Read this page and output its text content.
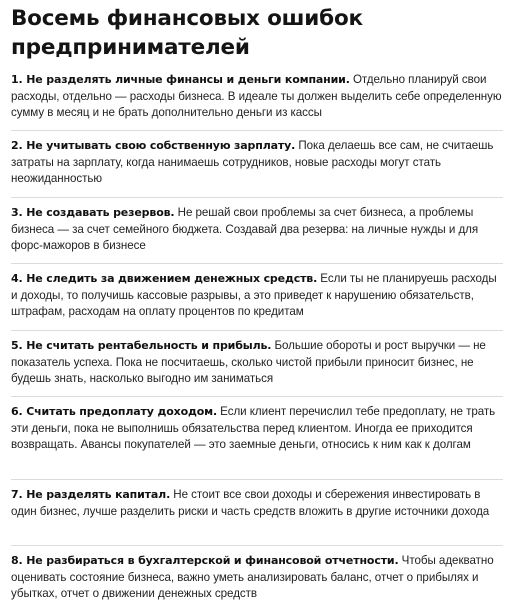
Восемь финансовых ошибок предпринимателей
1. Не разделять личные финансы и деньги компании. Отдельно планируй свои расходы, отдельно — расходы бизнеса. В идеале ты должен выделить себе определенную сумму в месяц и не брать дополнительно деньги из кассы
2. Не учитывать свою собственную зарплату. Пока делаешь все сам, не считаешь затраты на зарплату, когда нанимаешь сотрудников, новые расходы могут стать неожиданностью
3. Не создавать резервов. Не решай свои проблемы за счет бизнеса, а проблемы бизнеса — за счет семейного бюджета. Создавай два резерва: на личные нужды и для форс-мажоров в бизнесе
4. Не следить за движением денежных средств. Если ты не планируешь расходы и доходы, то получишь кассовые разрывы, а это приведет к нарушению обязательств, штрафам, расходам на оплату процентов по кредитам
5. Не считать рентабельность и прибыль. Большие обороты и рост выручки — не показатель успеха. Пока не посчитаешь, сколько чистой прибыли приносит бизнес, не будешь знать, насколько выгодно им заниматься
6. Считать предоплату доходом. Если клиент перечислил тебе предоплату, не трать эти деньги, пока не выполнишь обязательства перед клиентом. Иногда ее приходится возвращать. Авансы покупателей — это заемные деньги, относись к ним как к долгам
7. Не разделять капитал. Не стоит все свои доходы и сбережения инвестировать в один бизнес, лучше разделить риски и часть средств вложить в другие источники дохода
8. Не разбираться в бухгалтерской и финансовой отчетности. Чтобы адекватно оценивать состояние бизнеса, важно уметь анализировать баланс, отчет о прибылях и убытках, отчет о движении денежных средств
